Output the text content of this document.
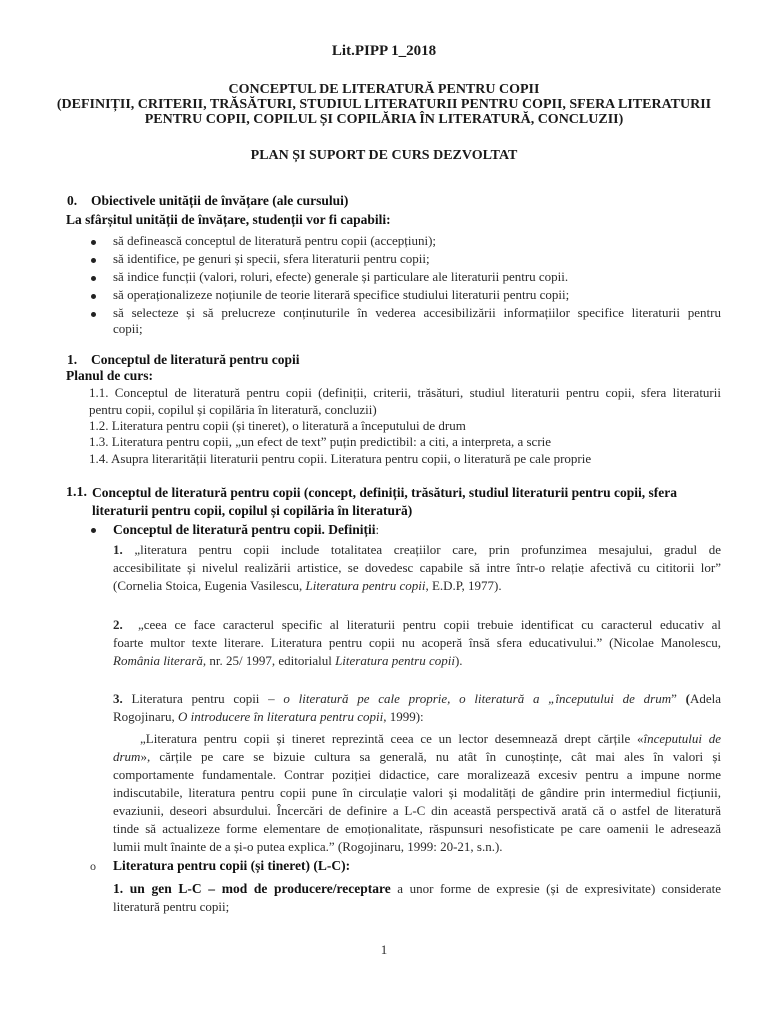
Lit.PIPP 1_2018
CONCEPTUL DE LITERATURĂ PENTRU COPII
(DEFINIȚII, CRITERII, TRĂSĂTURI, STUDIUL LITERATURII PENTRU COPII, SFERA LITERATURII
PENTRU COPII, COPILUL ȘI COPILĂRIA ÎN LITERATURĂ, CONCLUZII)
PLAN ȘI SUPORT DE CURS DEZVOLTAT
0. Obiectivele unității de învățare (ale cursului)
La sfârșitul unității de învățare, studenții vor fi capabili:
să definească conceptul de literatură pentru copii (accepțiuni);
să identifice, pe genuri și specii, sfera literaturii pentru copii;
să indice funcții (valori, roluri, efecte) generale și particulare ale literaturii pentru copii.
să operaționalizeze noțiunile de teorie literară specifice studiului literaturii pentru copii;
să selecteze și să prelucreze conținuturile în vederea accesibilizării informațiilor specifice literaturii pentru
copii;
1. Conceptul de literatură pentru copii
Planul de curs:
1.1. Conceptul de literatură pentru copii (definiții, criterii, trăsături, studiul literaturii pentru copii, sfera literaturii
pentru copii, copilul și copilăria în literatură, concluzii)
1.2. Literatura pentru copii (și tineret), o literatură a începutului de drum
1.3. Literatura pentru copii, „un efect de text” puțin predictibil: a citi, a interpreta, a scrie
1.4. Asupra literarității literaturii pentru copii. Literatura pentru copii, o literatură pe cale proprie
1.1. Conceptul de literatură pentru copii (concept, definiții, trăsături, studiul literaturii pentru copii, sfera
literaturii pentru copii, copilul și copilăria în literatură)
Conceptul de literatură pentru copii. Definiții:
1. „literatura pentru copii include totalitatea creațiilor care, prin profunzimea mesajului, gradul de
accesibilitate și nivelul realizării artistice, se dovedesc capabile să intre într-o relație afectivă cu cititorii lor”
(Cornelia Stoica, Eugenia Vasilescu, Literatura pentru copii, E.D.P, 1977).
2. „ceea ce face caracterul specific al literaturii pentru copii trebuie identificat cu caracterul educativ al
foarte multor texte literare. Literatura pentru copii nu acoperă însă sfera educativului.” (Nicolae Manolescu,
România literară, nr. 25/ 1997, editorialul Literatura pentru copii).
3. Literatura pentru copii – o literatură pe cale proprie, o literatură a „începutului de drum” (Adela
Rogojinaru, O introducere în literatura pentru copii, 1999):
„Literatura pentru copii și tineret reprezintă ceea ce un lector desemnează drept cărțile «începutului de
drum», cărțile pe care se bizuie cultura sa generală, nu atât în cunoștințe, cât mai ales în valori și
comportamente fundamentale. Contrar poziției didactice, care moralizează excesiv pentru a impune norme
indiscutabile, literatura pentru copii pune în circulație valori și modalități de gândire prin intermediul ficțiunii,
evaziunii, deseori absurdului. Încercări de definire a L-C din această perspectivă arată că o astfel de literatură
tinde să actualizeze forme elementare de emoționalitate, răspunsuri nesofisticate pe care oamenii le adresează
lumii mult înainte de a și-o putea explica.” (Rogojinaru, 1999: 20-21, s.n.).
o Literatura pentru copii (și tineret) (L-C):
1. un gen L-C – mod de producere/receptare a unor forme de expresie (și de expresivitate) considerate
literatură pentru copii;
1
